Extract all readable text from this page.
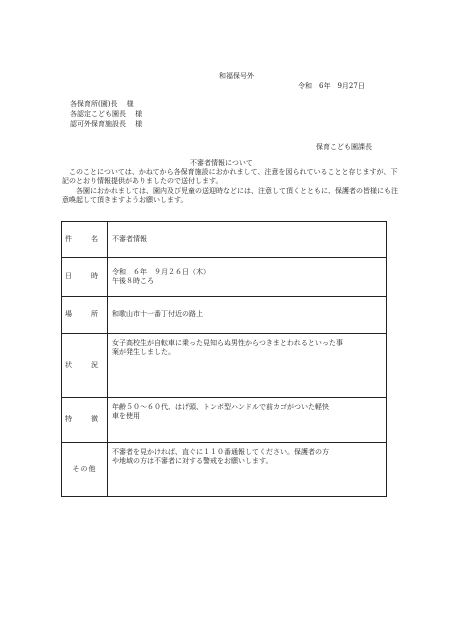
和福保号外
令和　6年　9月27日
各保育所(園)長　 様
各認定こども園長　 様
認可外保育施設長　 様
保育こども園課長
不審者情報について

このことについては、かねてから各保育施設におかれまして、注意を図られていることと存じますが、下記のとおり情報提供がありましたので送付します。

各園におかれましては、園内及び児童の送迎時などには、注意して頂くとともに、保護者の皆様にも注意喚起して頂きますようお願いします。

件　名	不審者情報

日　時	令和　６年　９月２６日（木）
午後８時ころ

場　所	和歌山市十一番丁付近の路上

状　況	女子高校生が自転車に乗った見知らぬ男性からつきまとわれるといった事
案が発生しました。

特　徴	年齢５０～６０代、はげ頭、トンボ型ハンドルで前カゴがついた軽快
車を使用

その他	不審者を見かければ、直ぐに１１０番通報してください。保護者の方
や地域の方は不審者に対する警戒をお願いします。
